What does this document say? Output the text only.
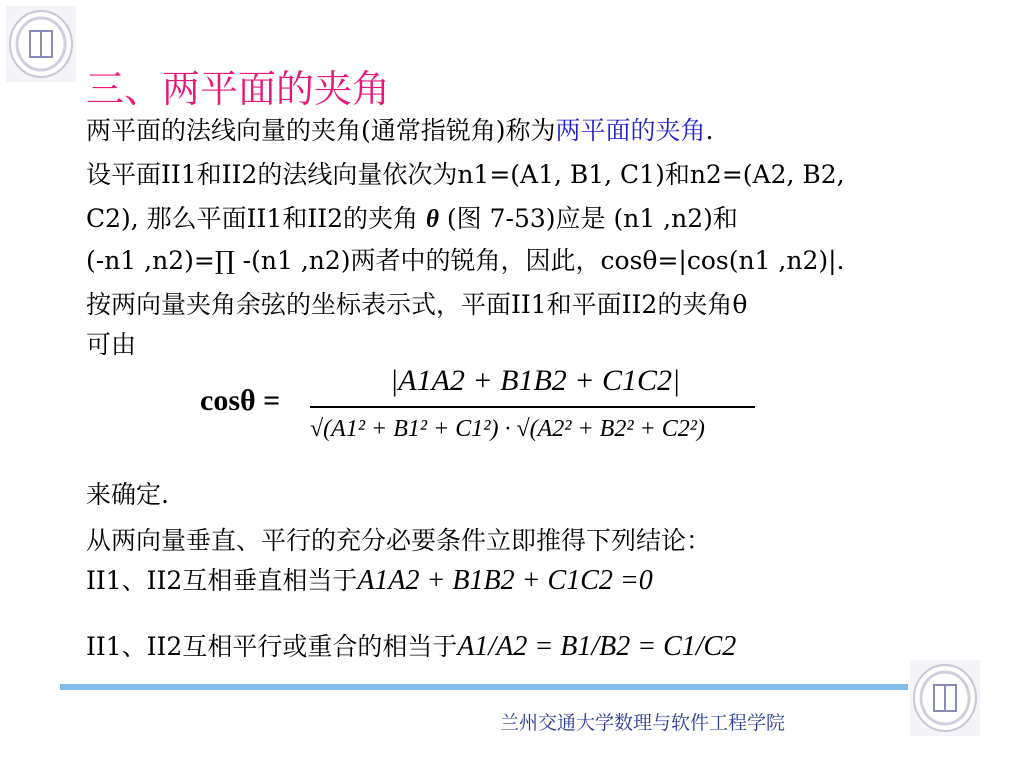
三、两平面的夹角
两平面的法线向量的夹角(通常指锐角)称为两平面的夹角.
设平面II1和II2的法线向量依次为n1=(A1, B1, C1)和n2=(A2, B2,
C2), 那么平面II1和II2的夹角 θ (图 7-53)应是 (n1 ,n2)和
(-n1 ,n2)=∏ -(n1 ,n2)两者中的锐角，因此，cosθ=|cos(n1 ,n2)|.
按两向量夹角余弦的坐标表示式，平面II1和平面II2的夹角θ
可由
cosθ =
|A1A2 + B1B2 + C1C2|
√(A1² + B1² + C1²) · √(A2² + B2² + C2²)
来确定.
从两向量垂直、平行的充分必要条件立即推得下列结论：
II1、II2互相垂直相当于A1A2 + B1B2 + C1C2 =0
II1、II2互相平行或重合的相当于A1/A2 = B1/B2 = C1/C2
兰州交通大学数理与软件工程学院
